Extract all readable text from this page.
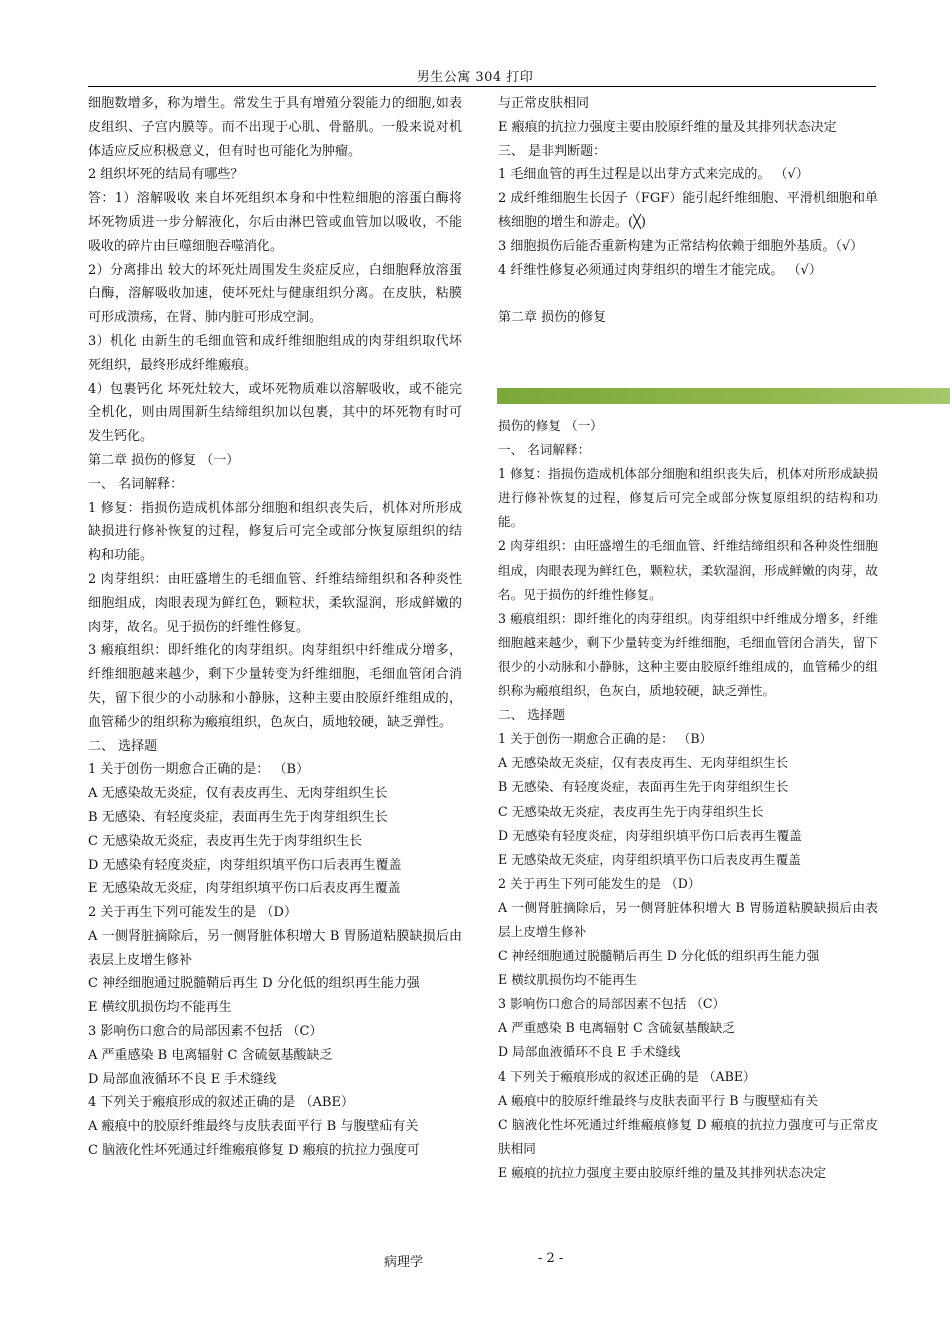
男生公寓 304 打印

细胞数增多，称为增生。常发生于具有增殖分裂能力的细胞,如表皮组织、子宫内膜等。而不出现于心肌、骨骼肌。一般来说对机体适应反应积极意义，但有时也可能化为肿瘤。

2 组织坏死的结局有哪些？

答：1）溶解吸收 来自坏死组织本身和中性粒细胞的溶蛋白酶将坏死物质进一步分解液化，尔后由淋巴管或血管加以吸收，不能吸收的碎片由巨噬细胞吞噬消化。

2）分离排出 较大的坏死灶周围发生炎症反应，白细胞释放溶蛋白酶，溶解吸收加速，使坏死灶与健康组织分离。在皮肤，粘膜可形成溃疡，在肾、肺内脏可形成空洞。

3）机化 由新生的毛细血管和成纤维细胞组成的肉芽组织取代坏死组织，最终形成纤维瘢痕。

4）包裹钙化 坏死灶较大，或坏死物质难以溶解吸收，或不能完全机化，则由周围新生结缔组织加以包裹，其中的坏死物有时可发生钙化。

第二章 损伤的修复 （一）

一、 名词解释：

1 修复：指损伤造成机体部分细胞和组织丧失后，机体对所形成缺损进行修补恢复的过程，修复后可完全或部分恢复原组织的结构和功能。

2 肉芽组织：由旺盛增生的毛细血管、纤维结缔组织和各种炎性细胞组成，肉眼表现为鲜红色，颗粒状，柔软湿润，形成鲜嫩的肉芽，故名。见于损伤的纤维性修复。

3 瘢痕组织：即纤维化的肉芽组织。肉芽组织中纤维成分增多，纤维细胞越来越少，剩下少量转变为纤维细胞，毛细血管闭合消失，留下很少的小动脉和小静脉，这种主要由胶原纤维组成的，血管稀少的组织称为瘢痕组织，色灰白，质地较硬，缺乏弹性。

二、 选择题

1 关于创伤一期愈合正确的是： （B）

A 无感染故无炎症，仅有表皮再生、无肉芽组织生长

B 无感染、有轻度炎症，表面再生先于肉芽组织生长

C 无感染故无炎症，表皮再生先于肉芽组织生长

D 无感染有轻度炎症，肉芽组织填平伤口后表再生覆盖

E 无感染故无炎症，肉芽组织填平伤口后表皮再生覆盖

2 关于再生下列可能发生的是 （D）

A 一侧肾脏摘除后，另一侧肾脏体积增大 B 胃肠道粘膜缺损后由表层上皮增生修补

C 神经细胞通过脱髓鞘后再生 D 分化低的组织再生能力强

E 横纹肌损伤均不能再生

3 影响伤口愈合的局部因素不包括 （C）

A 严重感染 B 电离辐射 C 含硫氨基酸缺乏

D 局部血液循环不良 E 手术缝线

4 下列关于瘢痕形成的叙述正确的是 （ABE）

A 瘢痕中的胶原纤维最终与皮肤表面平行 B 与腹壁疝有关

C 脑液化性坏死通过纤维瘢痕修复 D 瘢痕的抗拉力强度可

与正常皮肤相同

E 瘢痕的抗拉力强度主要由胶原纤维的量及其排列状态决定

三、 是非判断题：

1 毛细血管的再生过程是以出芽方式来完成的。 （√）

2 成纤维细胞生长因子（FGF）能引起纤维细胞、平滑机细胞和单核细胞的增生和游走。(╳)

3 细胞损伤后能否重新构建为正常结构依赖于细胞外基质。（√）

4 纤维性修复必须通过肉芽组织的增生才能完成。 （√）

第二章 损伤的修复

损伤的修复 （一）

一、 名词解释：

1 修复：指损伤造成机体部分细胞和组织丧失后，机体对所形成缺损进行修补恢复的过程，修复后可完全或部分恢复原组织的结构和功能。

2 肉芽组织：由旺盛增生的毛细血管、纤维结缔组织和各种炎性细胞组成，肉眼表现为鲜红色，颗粒状，柔软湿润，形成鲜嫩的肉芽，故名。见于损伤的纤维性修复。

3 瘢痕组织：即纤维化的肉芽组织。肉芽组织中纤维成分增多，纤维细胞越来越少，剩下少量转变为纤维细胞，毛细血管闭合消失，留下很少的小动脉和小静脉，这种主要由胶原纤维组成的，血管稀少的组织称为瘢痕组织，色灰白，质地较硬，缺乏弹性。

二、 选择题

1 关于创伤一期愈合正确的是： （B）

A 无感染故无炎症，仅有表皮再生、无肉芽组织生长

B 无感染、有轻度炎症，表面再生先于肉芽组织生长

C 无感染故无炎症，表皮再生先于肉芽组织生长

D 无感染有轻度炎症，肉芽组织填平伤口后表再生覆盖

E 无感染故无炎症，肉芽组织填平伤口后表皮再生覆盖

2 关于再生下列可能发生的是 （D）

A 一侧肾脏摘除后，另一侧肾脏体积增大 B 胃肠道粘膜缺损后由表层上皮增生修补

C 神经细胞通过脱髓鞘后再生 D 分化低的组织再生能力强

E 横纹肌损伤均不能再生

3 影响伤口愈合的局部因素不包括 （C）

A 严重感染 B 电离辐射 C 含硫氨基酸缺乏

D 局部血液循环不良 E 手术缝线

4 下列关于瘢痕形成的叙述正确的是 （ABE）

A 瘢痕中的胶原纤维最终与皮肤表面平行 B 与腹壁疝有关

C 脑液化性坏死通过纤维瘢痕修复 D 瘢痕的抗拉力强度可与正常皮肤相同

E 瘢痕的抗拉力强度主要由胶原纤维的量及其排列状态决定

病理学	- 2 -
